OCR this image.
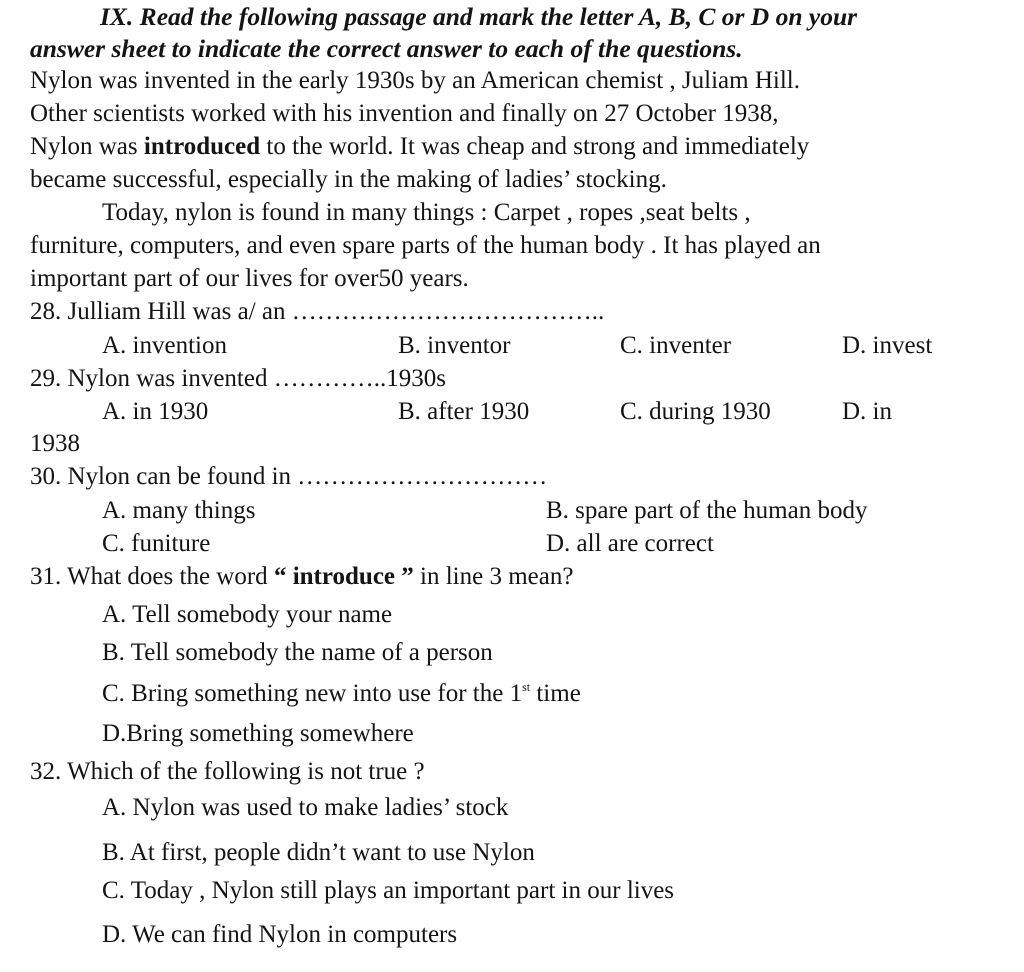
IX. Read the following passage and mark the letter A, B, C or D on your
answer sheet to indicate the correct answer to each of the questions.
Nylon was invented in the early 1930s by an American chemist , Juliam Hill.
Other scientists worked with his invention and finally on 27 October 1938,
Nylon was introduced to the world. It was cheap and strong and immediately
became successful, especially in the making of ladies’ stocking.
Today, nylon is found in many things : Carpet , ropes ,seat belts ,
furniture, computers, and even spare parts of the human body . It has played an
important part of our lives for over50 years.
28. Julliam Hill was a/ an ………………………………..
A. invention	B. inventor	C. inventer	D. invest
29. Nylon was invented …………..1930s
A. in 1930	B. after 1930	C. during 1930	D. in
1938
30. Nylon can be found in …………………………
A. many things	B. spare part of the human body
C. funiture	D. all are correct
31. What does the word “ introduce ” in line 3 mean?
A. Tell somebody your name
B. Tell somebody the name of a person
C. Bring something new into use for the 1st time
D.Bring something somewhere
32. Which of the following is not true ?
A. Nylon was used to make ladies’ stock
B. At first, people didn’t want to use Nylon
C. Today , Nylon still plays an important part in our lives
D. We can find Nylon in computers
